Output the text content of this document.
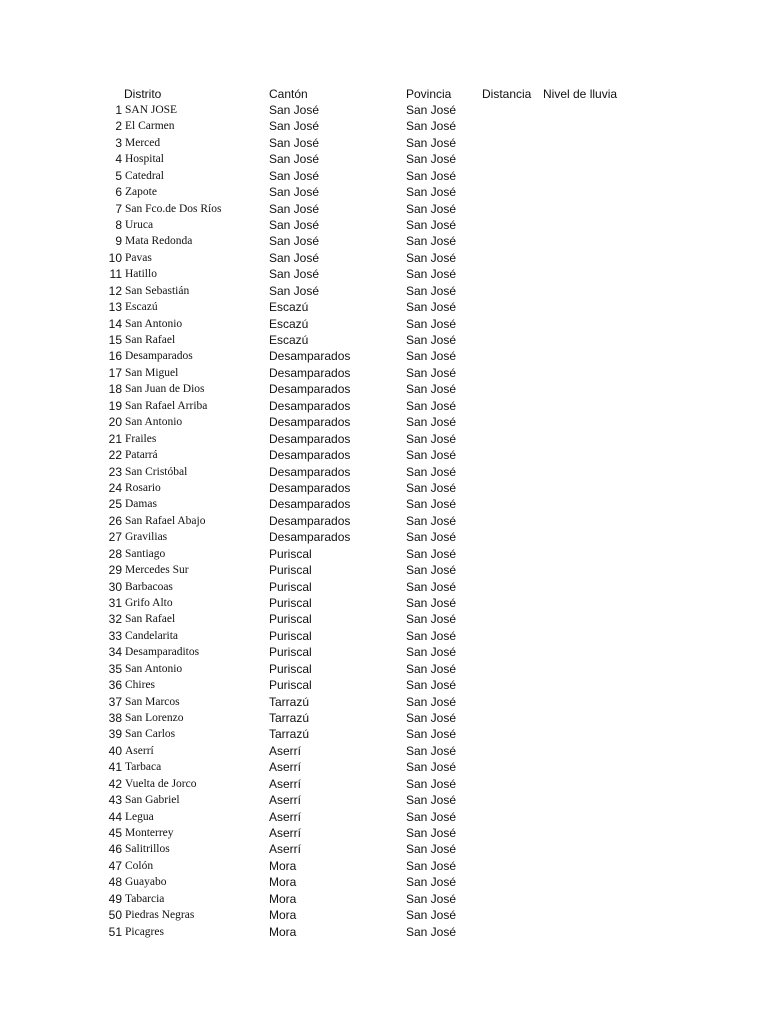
Distrito	Cantón	Povincia	Distancia Nivel de lluvia
1 SAN JOSE	San José	San José
2 El Carmen	San José	San José
3 Merced	San José	San José
4 Hospital	San José	San José
5 Catedral	San José	San José
6 Zapote	San José	San José
7 San Fco.de Dos Ríos	San José	San José
8 Uruca	San José	San José
9 Mata Redonda	San José	San José
10 Pavas	San José	San José
11 Hatillo	San José	San José
12 San Sebastián	San José	San José
13 Escazú	Escazú	San José
14 San Antonio	Escazú	San José
15 San Rafael	Escazú	San José
16 Desamparados	Desamparados	San José
17 San Miguel	Desamparados	San José
18 San Juan de Dios	Desamparados	San José
19 San Rafael Arriba	Desamparados	San José
20 San Antonio	Desamparados	San José
21 Frailes	Desamparados	San José
22 Patarrá	Desamparados	San José
23 San Cristóbal	Desamparados	San José
24 Rosario	Desamparados	San José
25 Damas	Desamparados	San José
26 San Rafael Abajo	Desamparados	San José
27 Gravilias	Desamparados	San José
28 Santiago	Puriscal	San José
29 Mercedes Sur	Puriscal	San José
30 Barbacoas	Puriscal	San José
31 Grifo Alto	Puriscal	San José
32 San Rafael	Puriscal	San José
33 Candelarita	Puriscal	San José
34 Desamparaditos	Puriscal	San José
35 San Antonio	Puriscal	San José
36 Chires	Puriscal	San José
37 San Marcos	Tarrazú	San José
38 San Lorenzo	Tarrazú	San José
39 San Carlos	Tarrazú	San José
40 Aserrí	Aserrí	San José
41 Tarbaca	Aserrí	San José
42 Vuelta de Jorco	Aserrí	San José
43 San Gabriel	Aserrí	San José
44 Legua	Aserrí	San José
45 Monterrey	Aserrí	San José
46 Salitrillos	Aserrí	San José
47 Colón	Mora	San José
48 Guayabo	Mora	San José
49 Tabarcia	Mora	San José
50 Piedras Negras	Mora	San José
51 Picagres	Mora	San José
